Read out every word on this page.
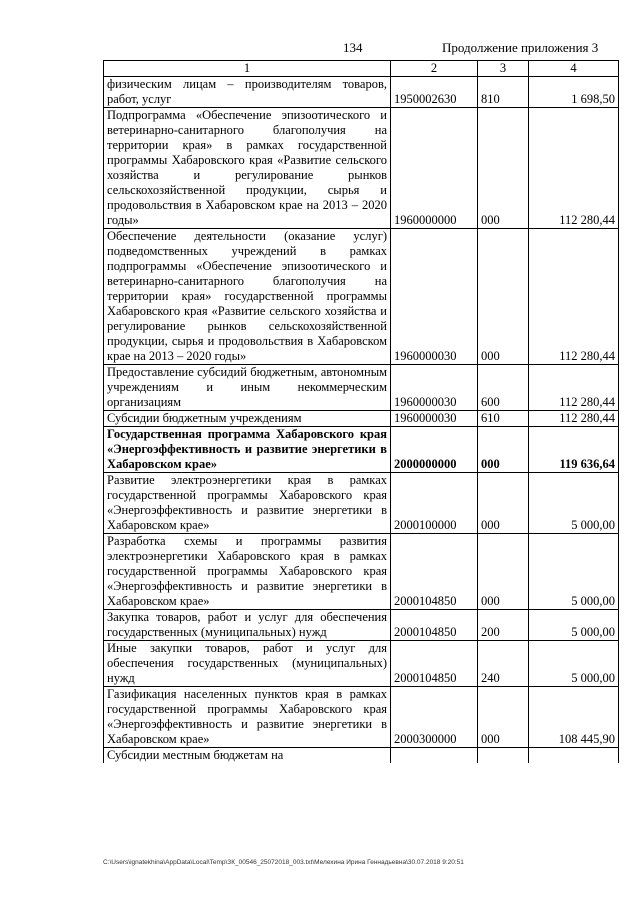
134	Продолжение приложения 3
1	2	3	4
физическим лицам – производителям товаров, работ, услуг	1950002630	810	1 698,50
Подпрограмма «Обеспечение эпизоотического и ветеринарно-санитарного благополучия на территории края» в рамках государственной программы Хабаровского края «Развитие сельского хозяйства и регулирование рынков сельскохозяйственной продукции, сырья и продовольствия в Хабаровском крае на 2013 – 2020 годы»	1960000000	000	112 280,44
Обеспечение деятельности (оказание услуг) подведомственных учреждений в рамках подпрограммы «Обеспечение эпизоотического и ветеринарно-санитарного благополучия на территории края» государственной программы Хабаровского края «Развитие сельского хозяйства и регулирование рынков сельскохозяйственной продукции, сырья и продовольствия в Хабаровском крае на 2013 – 2020 годы»	1960000030	000	112 280,44
Предоставление субсидий бюджетным, автономным учреждениям и иным некоммерческим организациям	1960000030	600	112 280,44
Субсидии бюджетным учреждениям	1960000030	610	112 280,44
Государственная программа Хабаровского края «Энергоэффективность и развитие энергетики в Хабаровском крае»	2000000000	000	119 636,64
Развитие электроэнергетики края в рамках государственной программы Хабаровского края «Энергоэффективность и развитие энергетики в Хабаровском крае»	2000100000	000	5 000,00
Разработка схемы и программы развития электроэнергетики Хабаровского края в рамках государственной программы Хабаровского края «Энергоэффективность и развитие энергетики в Хабаровском крае»	2000104850	000	5 000,00
Закупка товаров, работ и услуг для обеспечения государственных (муниципальных) нужд	2000104850	200	5 000,00
Иные закупки товаров, работ и услуг для обеспечения государственных (муниципальных) нужд	2000104850	240	5 000,00
Газификация населенных пунктов края в рамках государственной программы Хабаровского края «Энергоэффективность и развитие энергетики в Хабаровском крае»	2000300000	000	108 445,90
Субсидии местным бюджетам на			
C:\Users\ignatekhina\AppData\Local\Temp\ЗК_00546_25072018_003.txt\Мелехина Ирина Геннадьевна\30.07.2018 9:20:51
